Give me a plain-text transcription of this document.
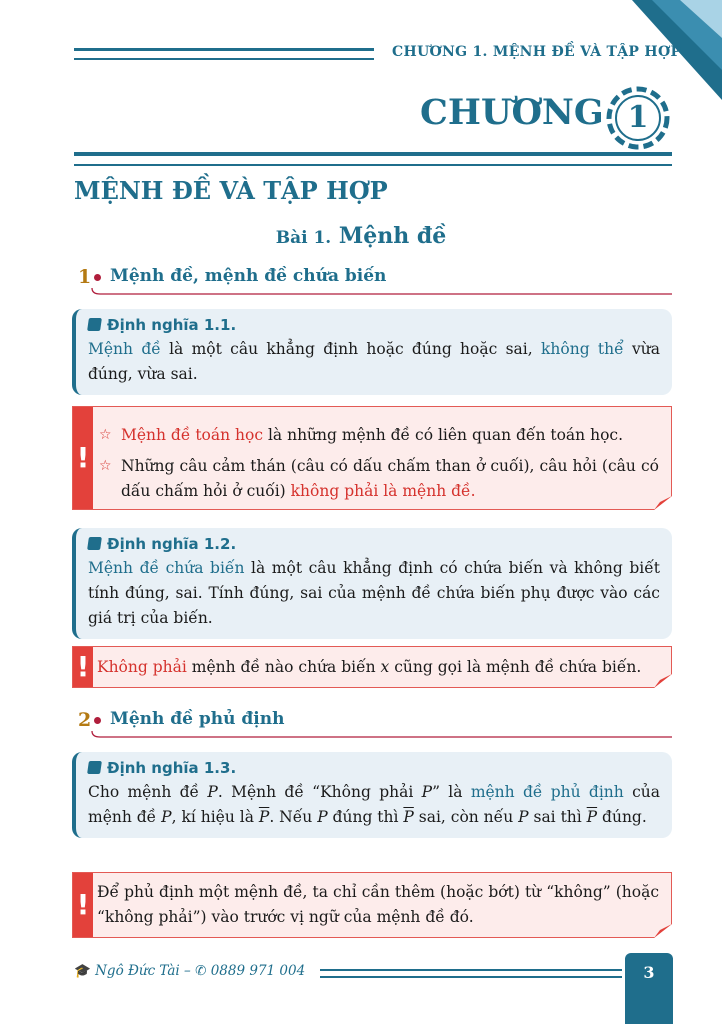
CHƯƠNG 1. MỆNH ĐỀ VÀ TẬP HỢP
CHƯƠNG 1
MỆNH ĐỀ VÀ TẬP HỢP
Bài 1. Mệnh đề
1 Mệnh đề, mệnh đề chứa biến
Định nghĩa 1.1.
Mệnh đề là một câu khẳng định hoặc đúng hoặc sai, không thể vừa đúng, vừa sai.
!
☆ Mệnh đề toán học là những mệnh đề có liên quan đến toán học.
☆ Những câu cảm thán (câu có dấu chấm than ở cuối), câu hỏi (câu có dấu chấm hỏi ở cuối) không phải là mệnh đề.
Định nghĩa 1.2.
Mệnh đề chứa biến là một câu khẳng định có chứa biến và không biết tính đúng, sai. Tính đúng, sai của mệnh đề chứa biến phụ được vào các giá trị của biến.
! Không phải mệnh đề nào chứa biến x cũng gọi là mệnh đề chứa biến.
2 Mệnh đề phủ định
Định nghĩa 1.3.
Cho mệnh đề P. Mệnh đề “Không phải P” là mệnh đề phủ định của mệnh đề P, kí hiệu là $\overline{P}$. Nếu P đúng thì $\overline{P}$ sai, còn nếu P sai thì $\overline{P}$ đúng.
! Để phủ định một mệnh đề, ta chỉ cần thêm (hoặc bớt) từ “không” (hoặc “không phải”) vào trước vị ngữ của mệnh đề đó.
🎓 Ngô Đức Tài – ✆ 0889 971 004	3
